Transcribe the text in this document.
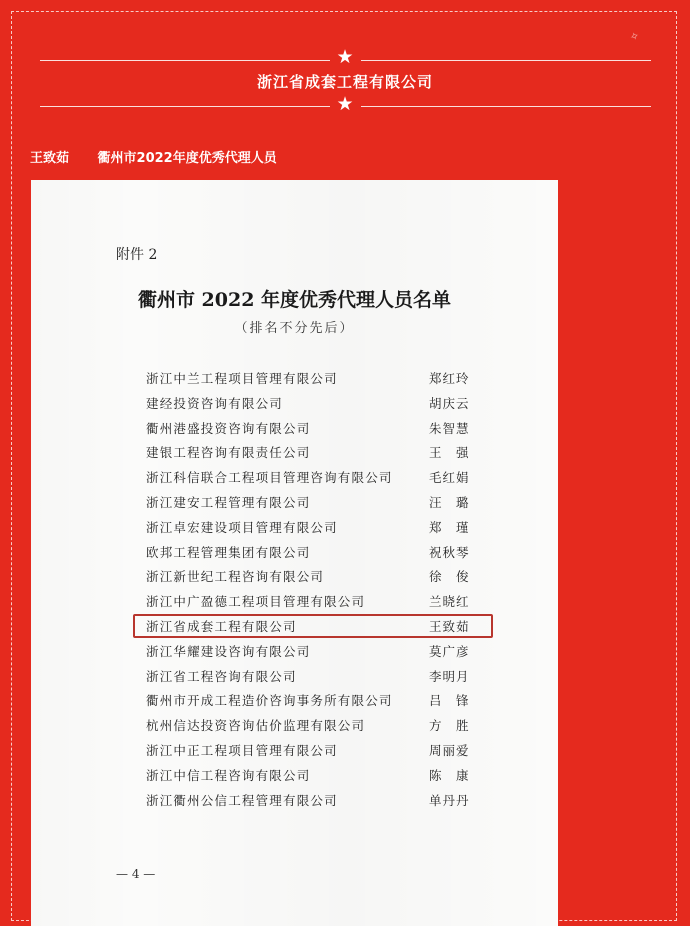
★
浙江省成套工程有限公司
★
✧
王致茹 衢州市2022年度优秀代理人员
附件 2
衢州市 2022 年度优秀代理人员名单
（排名不分先后）
浙江中兰工程项目管理有限公司	郑红玲
建经投资咨询有限公司	胡庆云
衢州港盛投资咨询有限公司	朱智慧
建银工程咨询有限责任公司	王　强
浙江科信联合工程项目管理咨询有限公司	毛红娟
浙江建安工程管理有限公司	汪　璐
浙江卓宏建设项目管理有限公司	郑　瑾
欧邦工程管理集团有限公司	祝秋琴
浙江新世纪工程咨询有限公司	徐　俊
浙江中广盈德工程项目管理有限公司	兰晓红
浙江省成套工程有限公司	王致茹
浙江华耀建设咨询有限公司	莫广彦
浙江省工程咨询有限公司	李明月
衢州市开成工程造价咨询事务所有限公司	吕　锋
杭州信达投资咨询估价监理有限公司	方　胜
浙江中正工程项目管理有限公司	周丽爱
浙江中信工程咨询有限公司	陈　康
浙江衢州公信工程管理有限公司	单丹丹
— 4 —
